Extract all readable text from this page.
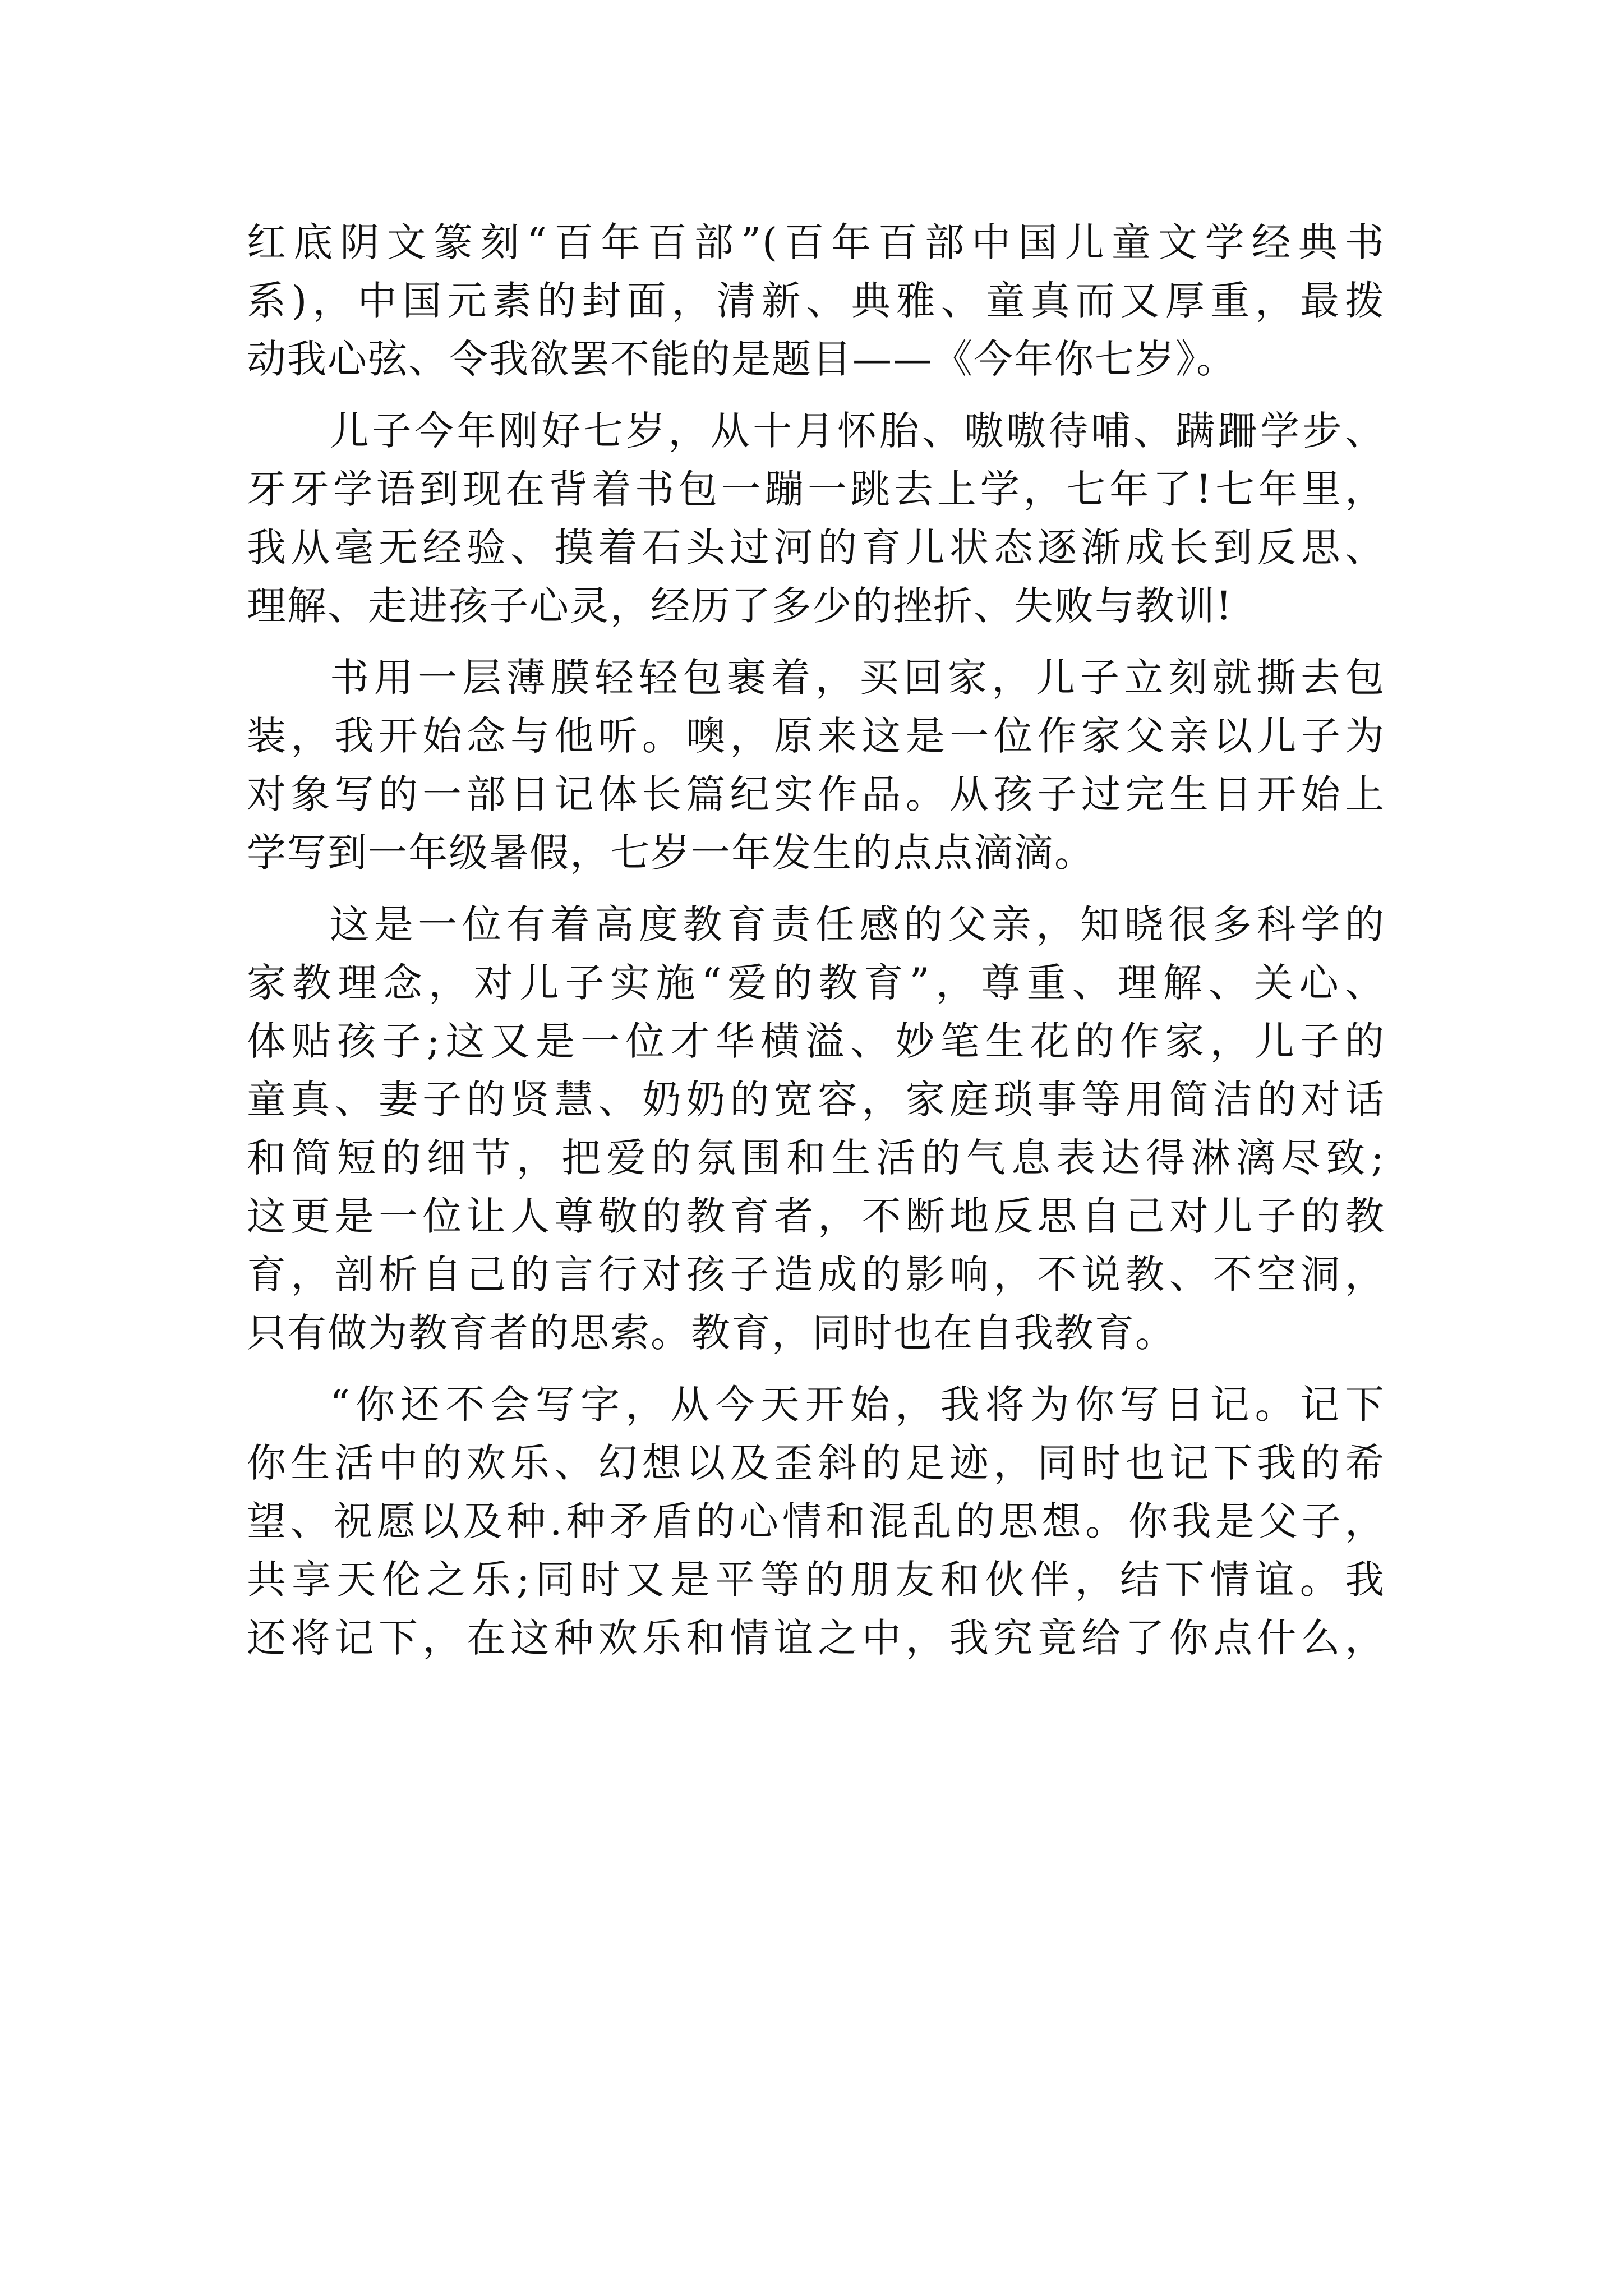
红底阴文篆刻“百年百部”(百年百部中国儿童文学经典书
系)，中国元素的封面，清新、典雅、童真而又厚重，最拨
动我心弦、令我欲罢不能的是题目——《今年你七岁》。
儿子今年刚好七岁，从十月怀胎、嗷嗷待哺、蹒跚学步、
牙牙学语到现在背着书包一蹦一跳去上学，七年了!七年里，
我从毫无经验、摸着石头过河的育儿状态逐渐成长到反思、
理解、走进孩子心灵，经历了多少的挫折、失败与教训!
书用一层薄膜轻轻包裹着，买回家，儿子立刻就撕去包
装，我开始念与他听。噢，原来这是一位作家父亲以儿子为
对象写的一部日记体长篇纪实作品。从孩子过完生日开始上
学写到一年级暑假，七岁一年发生的点点滴滴。
这是一位有着高度教育责任感的父亲，知晓很多科学的
家教理念，对儿子实施“爱的教育”，尊重、理解、关心、
体贴孩子;这又是一位才华横溢、妙笔生花的作家，儿子的
童真、妻子的贤慧、奶奶的宽容，家庭琐事等用简洁的对话
和简短的细节，把爱的氛围和生活的气息表达得淋漓尽致;
这更是一位让人尊敬的教育者，不断地反思自己对儿子的教
育，剖析自己的言行对孩子造成的影响，不说教、不空洞，
只有做为教育者的思索。教育，同时也在自我教育。
“你还不会写字，从今天开始，我将为你写日记。记下
你生活中的欢乐、幻想以及歪斜的足迹，同时也记下我的希
望、祝愿以及种.种矛盾的心情和混乱的思想。你我是父子，
共享天伦之乐;同时又是平等的朋友和伙伴，结下情谊。我
还将记下，在这种欢乐和情谊之中，我究竟给了你点什么，
